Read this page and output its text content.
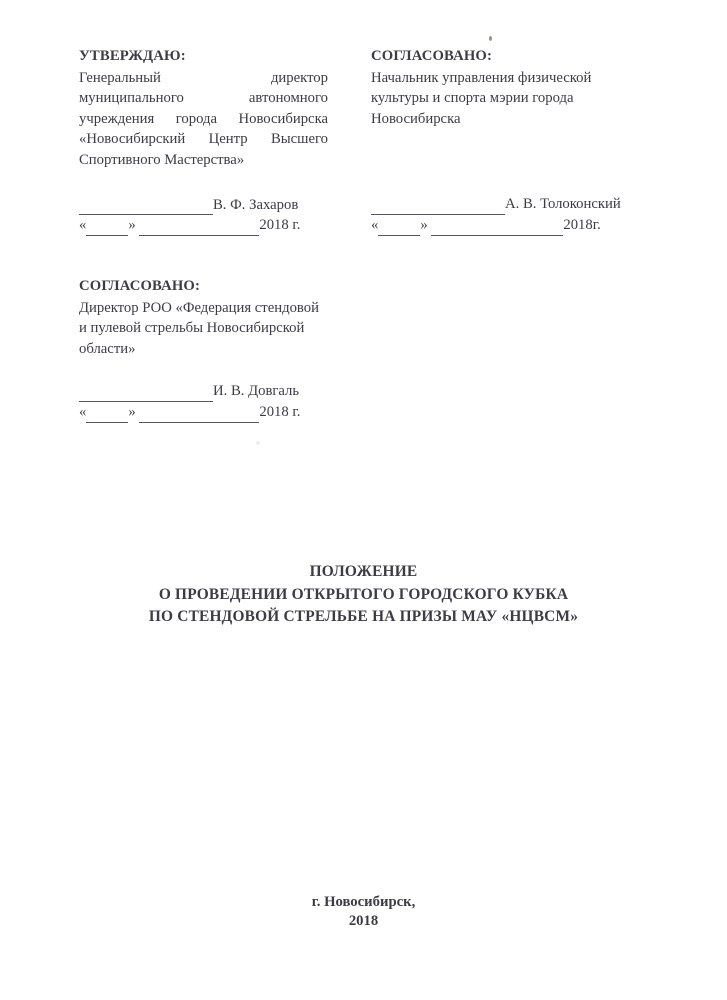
УТВЕРЖДАЮ:
Генеральный директор муниципального автономного учреждения города Новосибирска «Новосибирский Центр Высшего Спортивного Мастерства»
В. Ф. Захаров
«	»	2018 г.
СОГЛАСОВАНО:
Начальник управления физической культуры и спорта мэрии города Новосибирска
А. В. Толоконский
«	»	2018г.
СОГЛАСОВАНО:
Директор РОО «Федерация стендовой и пулевой стрельбы Новосибирской области»
И. В. Довгаль
«	»	2018 г.
ПОЛОЖЕНИЕ
О ПРОВЕДЕНИИ ОТКРЫТОГО ГОРОДСКОГО КУБКА
ПО СТЕНДОВОЙ СТРЕЛЬБЕ НА ПРИЗЫ МАУ «НЦВСМ»
г. Новосибирск,
2018
